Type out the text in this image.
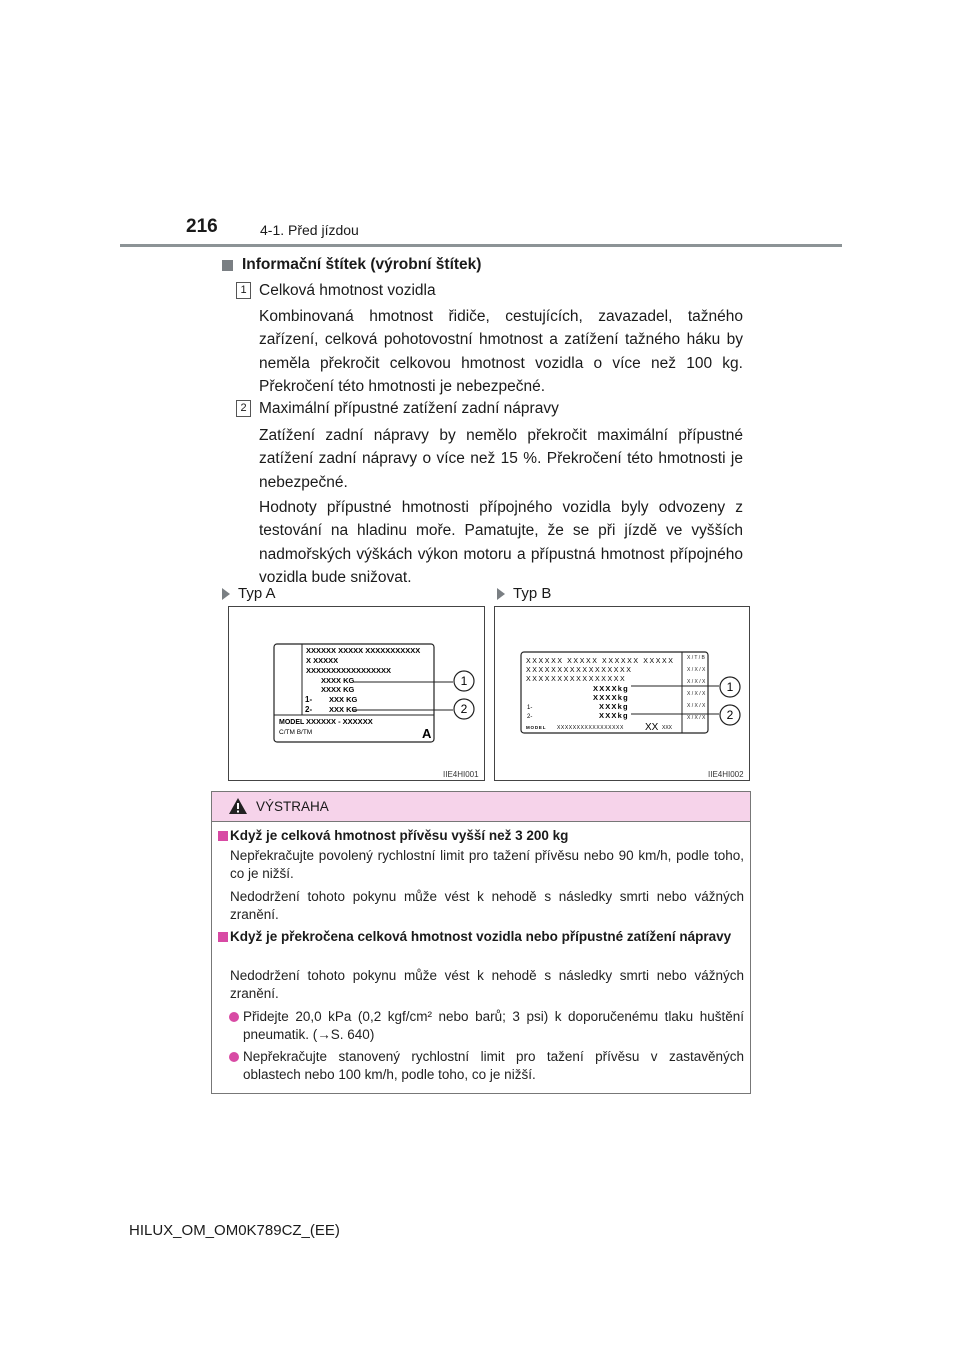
216	4-1. Před jízdou
Informační štítek (výrobní štítek)
1 Celková hmotnost vozidla
Kombinovaná hmotnost řidiče, cestujících, zavazadel, tažného zařízení, celková pohotovostní hmotnost a zatížení tažného háku by neměla překročit celkovou hmotnost vozidla o více než 100 kg. Překročení této hmotnosti je nebezpečné.
2 Maximální přípustné zatížení zadní nápravy
Zatížení zadní nápravy by nemělo překročit maximální přípustné zatížení zadní nápravy o více než 15 %. Překročení této hmotnosti je nebezpečné.
Hodnoty přípustné hmotnosti přípojného vozidla byly odvozeny z testování na hladinu moře. Pamatujte, že se při jízdě ve vyšších nadmořských výškách výkon motoru a přípustná hmotnost přípojného vozidla bude snižovat.
Typ A	Typ B
XXXXXX XXXXX XXXXXXXXXXX
X XXXXX
XXXXXXXXXXXXXXXXX
XXXX KG
XXXX KG
1- XXX KG
2- XXX KG
MODEL XXXXXX - XXXXXX
C/TM B/TM	A
1
2
IIE4HI001
XXXXXX XXXXX XXXXXX XXXXX
XXXXXXXXXXXXXXXXX
XXXXXXXXXXXXXXXX
XXXXkg
XXXXkg
1-	XXXkg
2-	XXXkg
MODEL XXXXXXXXXXXXXXXXX XX XXX
X / T / B
X / X / X
X / X / X
X / X / X
X / X / X
X / X / X
1
2
IIE4HI002
VÝSTRAHA
Když je celková hmotnost přívěsu vyšší než 3 200 kg
Nepřekračujte povolený rychlostní limit pro tažení přívěsu nebo 90 km/h, podle toho, co je nižší.
Nedodržení tohoto pokynu může vést k nehodě s následky smrti nebo vážných zranění.
Když je překročena celková hmotnost vozidla nebo přípustné zatížení nápravy
Nedodržení tohoto pokynu může vést k nehodě s následky smrti nebo vážných zranění.
Přidejte 20,0 kPa (0,2 kgf/cm² nebo barů; 3 psi) k doporučenému tlaku huštění pneumatik. (→S. 640)
Nepřekračujte stanovený rychlostní limit pro tažení přívěsu v zastavěných oblastech nebo 100 km/h, podle toho, co je nižší.
HILUX_OM_OM0K789CZ_(EE)
